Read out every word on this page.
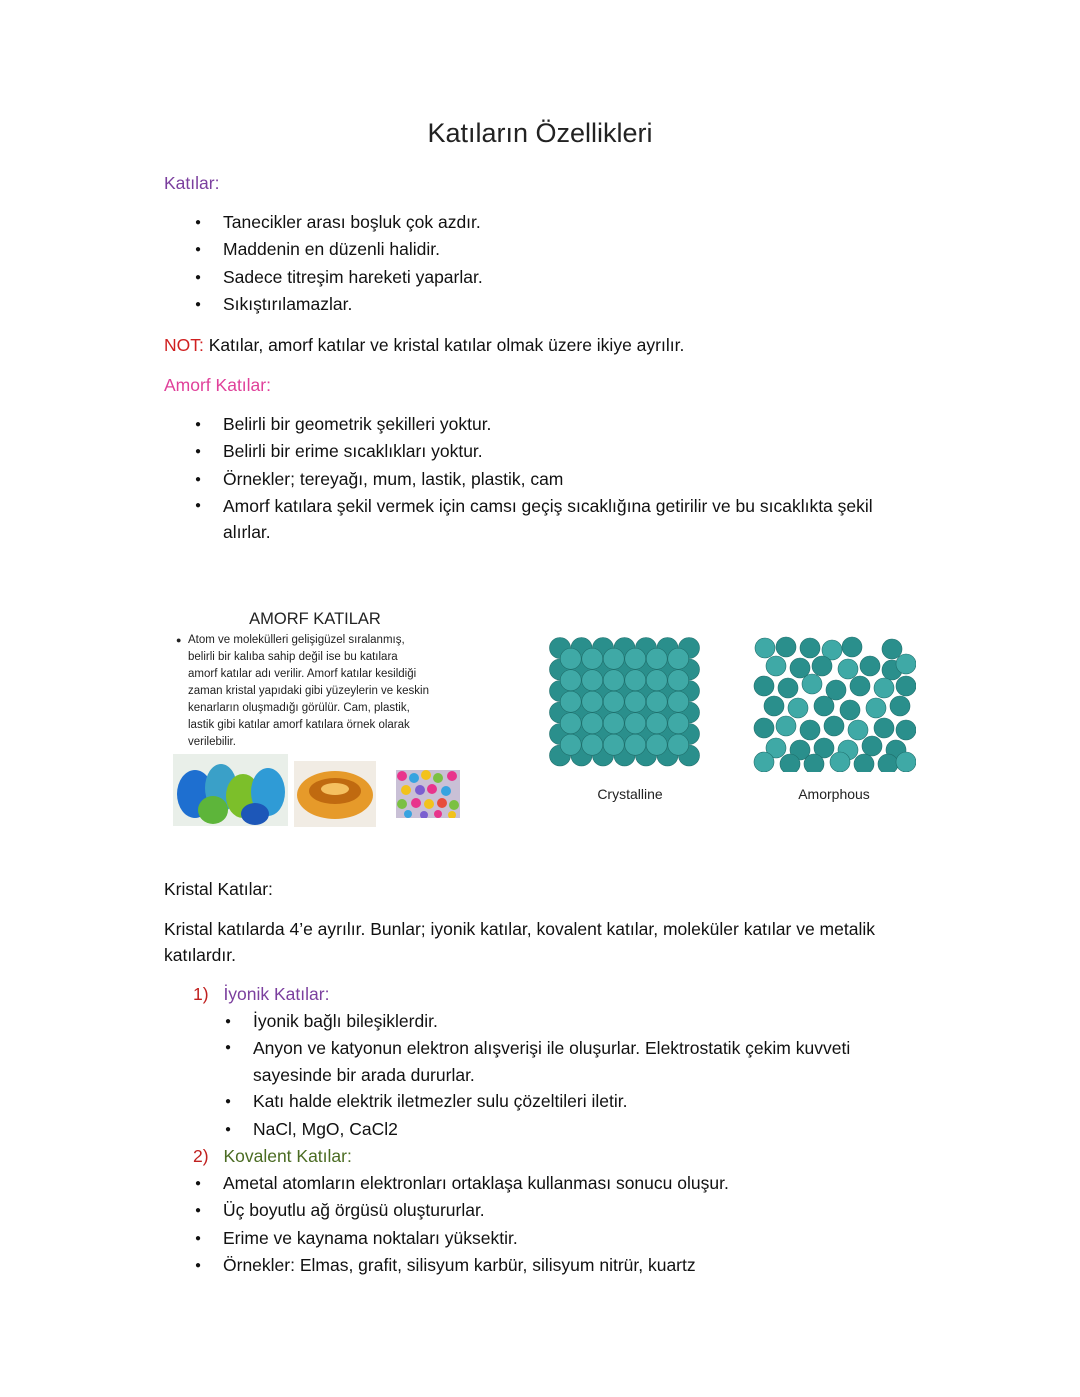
Katıların Özellikleri
Katılar:
● Tanecikler arası boşluk çok azdır.
● Maddenin en düzenli halidir.
● Sadece titreşim hareketi yaparlar.
● Sıkıştırılamazlar.
NOT: Katılar, amorf katılar ve kristal katılar olmak üzere ikiye ayrılır.
Amorf Katılar:
● Belirli bir geometrik şekilleri yoktur.
● Belirli bir erime sıcaklıkları yoktur.
● Örnekler; tereyağı, mum, lastik, plastik, cam
● Amorf katılara şekil vermek için camsı geçiş sıcaklığına getirilir ve bu sıcaklıkta şekil alırlar.
AMORF KATILAR
● Atom ve molekülleri gelişigüzel sıralanmış,
belirli bir kalıba sahip değil ise bu katılara
amorf katılar adı verilir. Amorf katılar kesildiği
zaman kristal yapıdaki gibi yüzeylerin ve keskin
kenarların oluşmadığı görülür. Cam, plastik,
lastik gibi katılar amorf katılara örnek olarak
verilebilir.
Crystalline	Amorphous
Kristal Katılar:
Kristal katılarda 4’e ayrılır. Bunlar; iyonik katılar, kovalent katılar, moleküler katılar ve metalik
katılardır.
1) İyonik Katılar:
● İyonik bağlı bileşiklerdir.
● Anyon ve katyonun elektron alışverişi ile oluşurlar. Elektrostatik çekim kuvveti sayesinde bir arada dururlar.
● Katı halde elektrik iletmezler sulu çözeltileri iletir.
● NaCl, MgO, CaCl2
2) Kovalent Katılar:
● Ametal atomların elektronları ortaklaşa kullanması sonucu oluşur.
● Üç boyutlu ağ örgüsü oluştururlar.
● Erime ve kaynama noktaları yüksektir.
● Örnekler: Elmas, grafit, silisyum karbür, silisyum nitrür, kuartz
